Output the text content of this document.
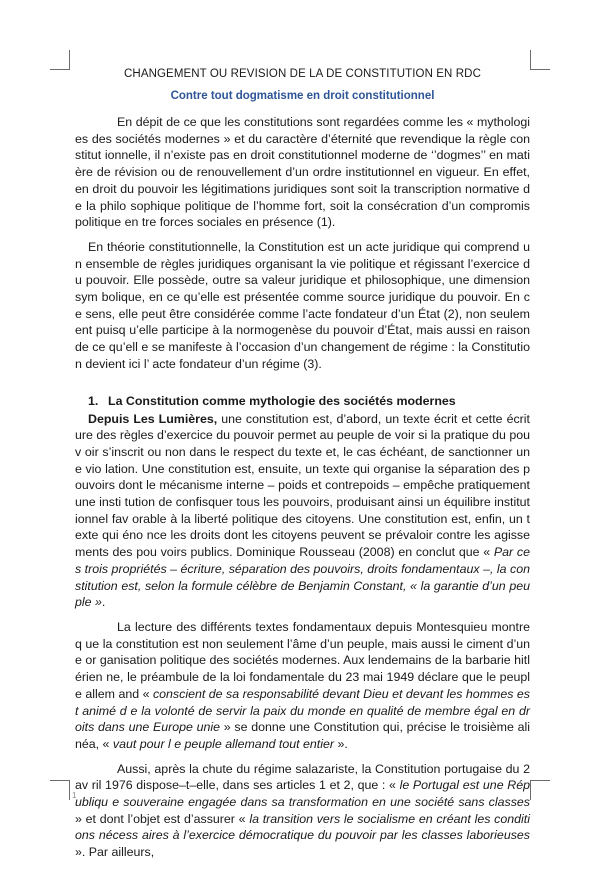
CHANGEMENT OU REVISION DE LA DE CONSTITUTION EN RDC
Contre tout dogmatisme en droit constitutionnel

En dépit de ce que les constitutions sont regardées comme les « mythologies des sociétés modernes » et du caractère d’éternité que revendique la règle constitut ionnelle, il n’existe pas en droit constitutionnel moderne de ‘’dogmes’’ en matière de révision ou de renouvellement d’un ordre institutionnel en vigueur. En effet, en droit du pouvoir les légitimations juridiques sont soit la transcription normative de la philo sophique politique de l’homme fort, soit la consécration d’un compromis politique en tre forces sociales en présence (1).

En théorie constitutionnelle, la Constitution est un acte juridique qui comprend u n ensemble de règles juridiques organisant la vie politique et régissant l’exercice du pouvoir. Elle possède, outre sa valeur juridique et philosophique, une dimension sym bolique, en ce qu’elle est présentée comme source juridique du pouvoir. En ce sens, elle peut être considérée comme l’acte fondateur d’un État (2), non seulement puisq u’elle participe à la normogenèse du pouvoir d’État, mais aussi en raison de ce qu’ell e se manifeste à l’occasion d’un changement de régime : la Constitution devient ici l’ acte fondateur d’un régime (3).

1. La Constitution comme mythologie des sociétés modernes

Depuis Les Lumières, une constitution est, d’abord, un texte écrit et cette écrit ure des règles d’exercice du pouvoir permet au peuple de voir si la pratique du pouv oir s’inscrit ou non dans le respect du texte et, le cas échéant, de sanctionner une vio lation. Une constitution est, ensuite, un texte qui organise la séparation des pouvoirs dont le mécanisme interne – poids et contrepoids – empêche pratiquement une insti tution de confisquer tous les pouvoirs, produisant ainsi un équilibre institutionnel fav orable à la liberté politique des citoyens. Une constitution est, enfin, un texte qui éno nce les droits dont les citoyens peuvent se prévaloir contre les agissements des pou voirs publics. Dominique Rousseau (2008) en conclut que « Par ces trois propriétés – écriture, séparation des pouvoirs, droits fondamentaux –, la constitution est, selon la formule célèbre de Benjamin Constant, « la garantie d’un peuple ».

La lecture des différents textes fondamentaux depuis Montesquieu montre q ue la constitution est non seulement l’âme d’un peuple, mais aussi le ciment d’une or ganisation politique des sociétés modernes. Aux lendemains de la barbarie hitlérien ne, le préambule de la loi fondamentale du 23 mai 1949 déclare que le peuple allem and « conscient de sa responsabilité devant Dieu et devant les hommes est animé d e la volonté de servir la paix du monde en qualité de membre égal en droits dans une Europe unie » se donne une Constitution qui, précise le troisième alinéa, « vaut pour l e peuple allemand tout entier ».

Aussi, après la chute du régime salazariste, la Constitution portugaise du 2 av ril 1976 dispose–t–elle, dans ses articles 1 et 2, que : « le Portugal est une Républiqu e souveraine engagée dans sa transformation en une société sans classes » et dont l’objet est d’assurer « la transition vers le socialisme en créant les conditions nécess aires à l’exercice démocratique du pouvoir par les classes laborieuses ». Par ailleurs,

1
